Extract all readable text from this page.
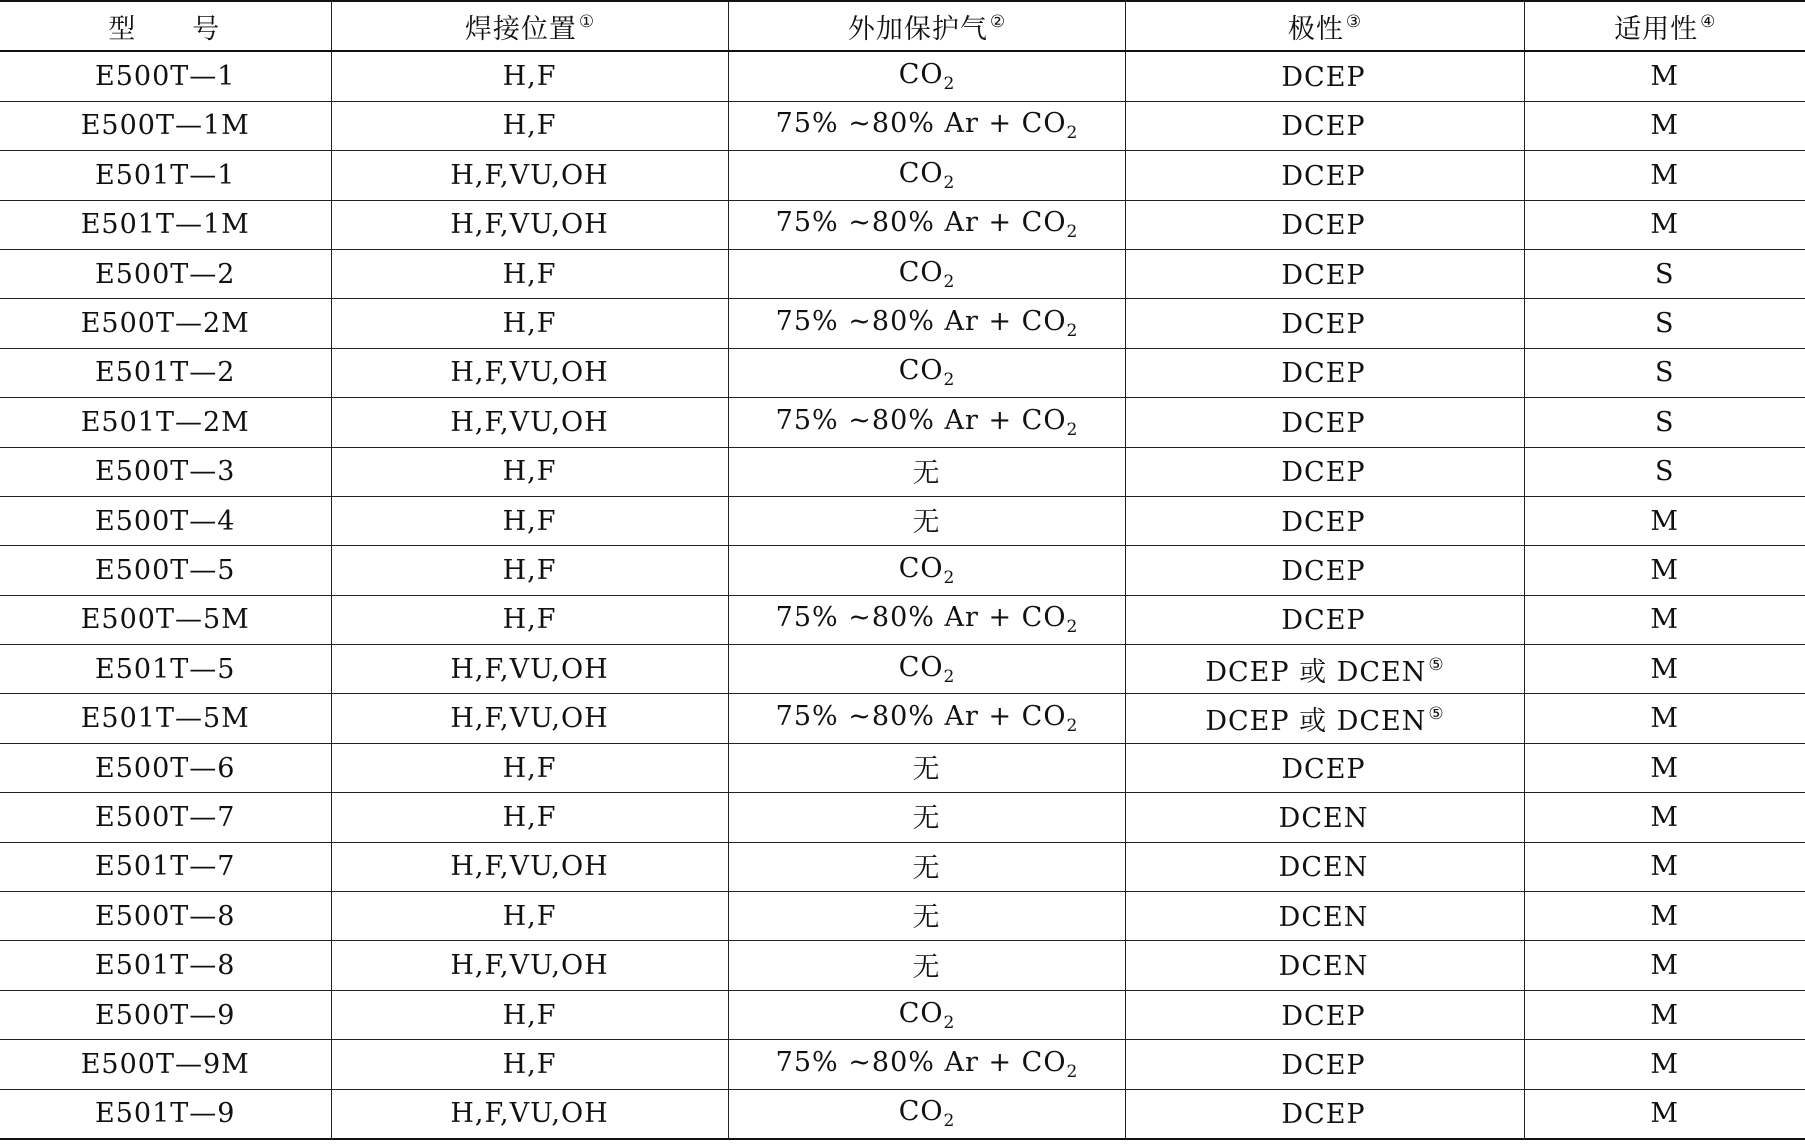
型　　号	焊接位置 ①	外加保护气 ②	极性 ③	适用性 ④
E500T—1	H,F	$CO_2$	DCEP	M
E500T—1M	H,F	75% ~80% $Ar + CO_2$	DCEP	M
E501T—1	H,F,VU,OH	$CO_2$	DCEP	M
E501T—1M	H,F,VU,OH	75% ~80% $Ar + CO_2$	DCEP	M
E500T—2	H,F	$CO_2$	DCEP	S
E500T—2M	H,F	75% ~80% $Ar + CO_2$	DCEP	S
E501T—2	H,F,VU,OH	$CO_2$	DCEP	S
E501T—2M	H,F,VU,OH	75% ~80% $Ar + CO_2$	DCEP	S
E500T—3	H,F	无	DCEP	S
E500T—4	H,F	无	DCEP	M
E500T—5	H,F	$CO_2$	DCEP	M
E500T—5M	H,F	75% ~80% $Ar + CO_2$	DCEP	M
E501T—5	H,F,VU,OH	$CO_2$	DCEP 或 DCEN ⑤	M
E501T—5M	H,F,VU,OH	75% ~80% $Ar + CO_2$	DCEP 或 DCEN ⑤	M
E500T—6	H,F	无	DCEP	M
E500T—7	H,F	无	DCEN	M
E501T—7	H,F,VU,OH	无	DCEN	M
E500T—8	H,F	无	DCEN	M
E501T—8	H,F,VU,OH	无	DCEN	M
E500T—9	H,F	$CO_2$	DCEP	M
E500T—9M	H,F	75% ~80% $Ar + CO_2$	DCEP	M
E501T—9	H,F,VU,OH	$CO_2$	DCEP	M
